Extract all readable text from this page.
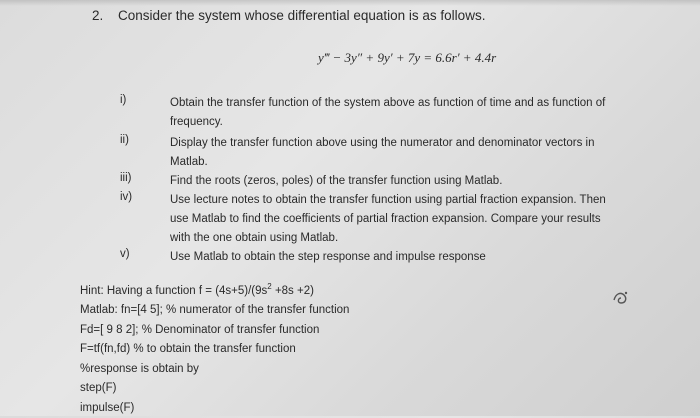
2. Consider the system whose differential equation is as follows.
y‴ − 3y″ + 9y′ + 7y = 6.6r′ + 4.4r
i)	Obtain the transfer function of the system above as function of time and as function of
frequency.
ii)	Display the transfer function above using the numerator and denominator vectors in
Matlab.
iii)	Find the roots (zeros, poles) of the transfer function using Matlab.
iv)	Use lecture notes to obtain the transfer function using partial fraction expansion. Then
use Matlab to find the coefficients of partial fraction expansion. Compare your results
with the one obtain using Matlab.
v)	Use Matlab to obtain the step response and impulse response
Hint: Having a function $f = (4s+5)/(9s^2 +8s +2)$
Matlab: fn=[4 5]; % numerator of the transfer function
Fd=[ 9 8 2]; % Denominator of transfer function
F=tf(fn,fd) % to obtain the transfer function
%response is obtain by
step(F)
impulse(F)
